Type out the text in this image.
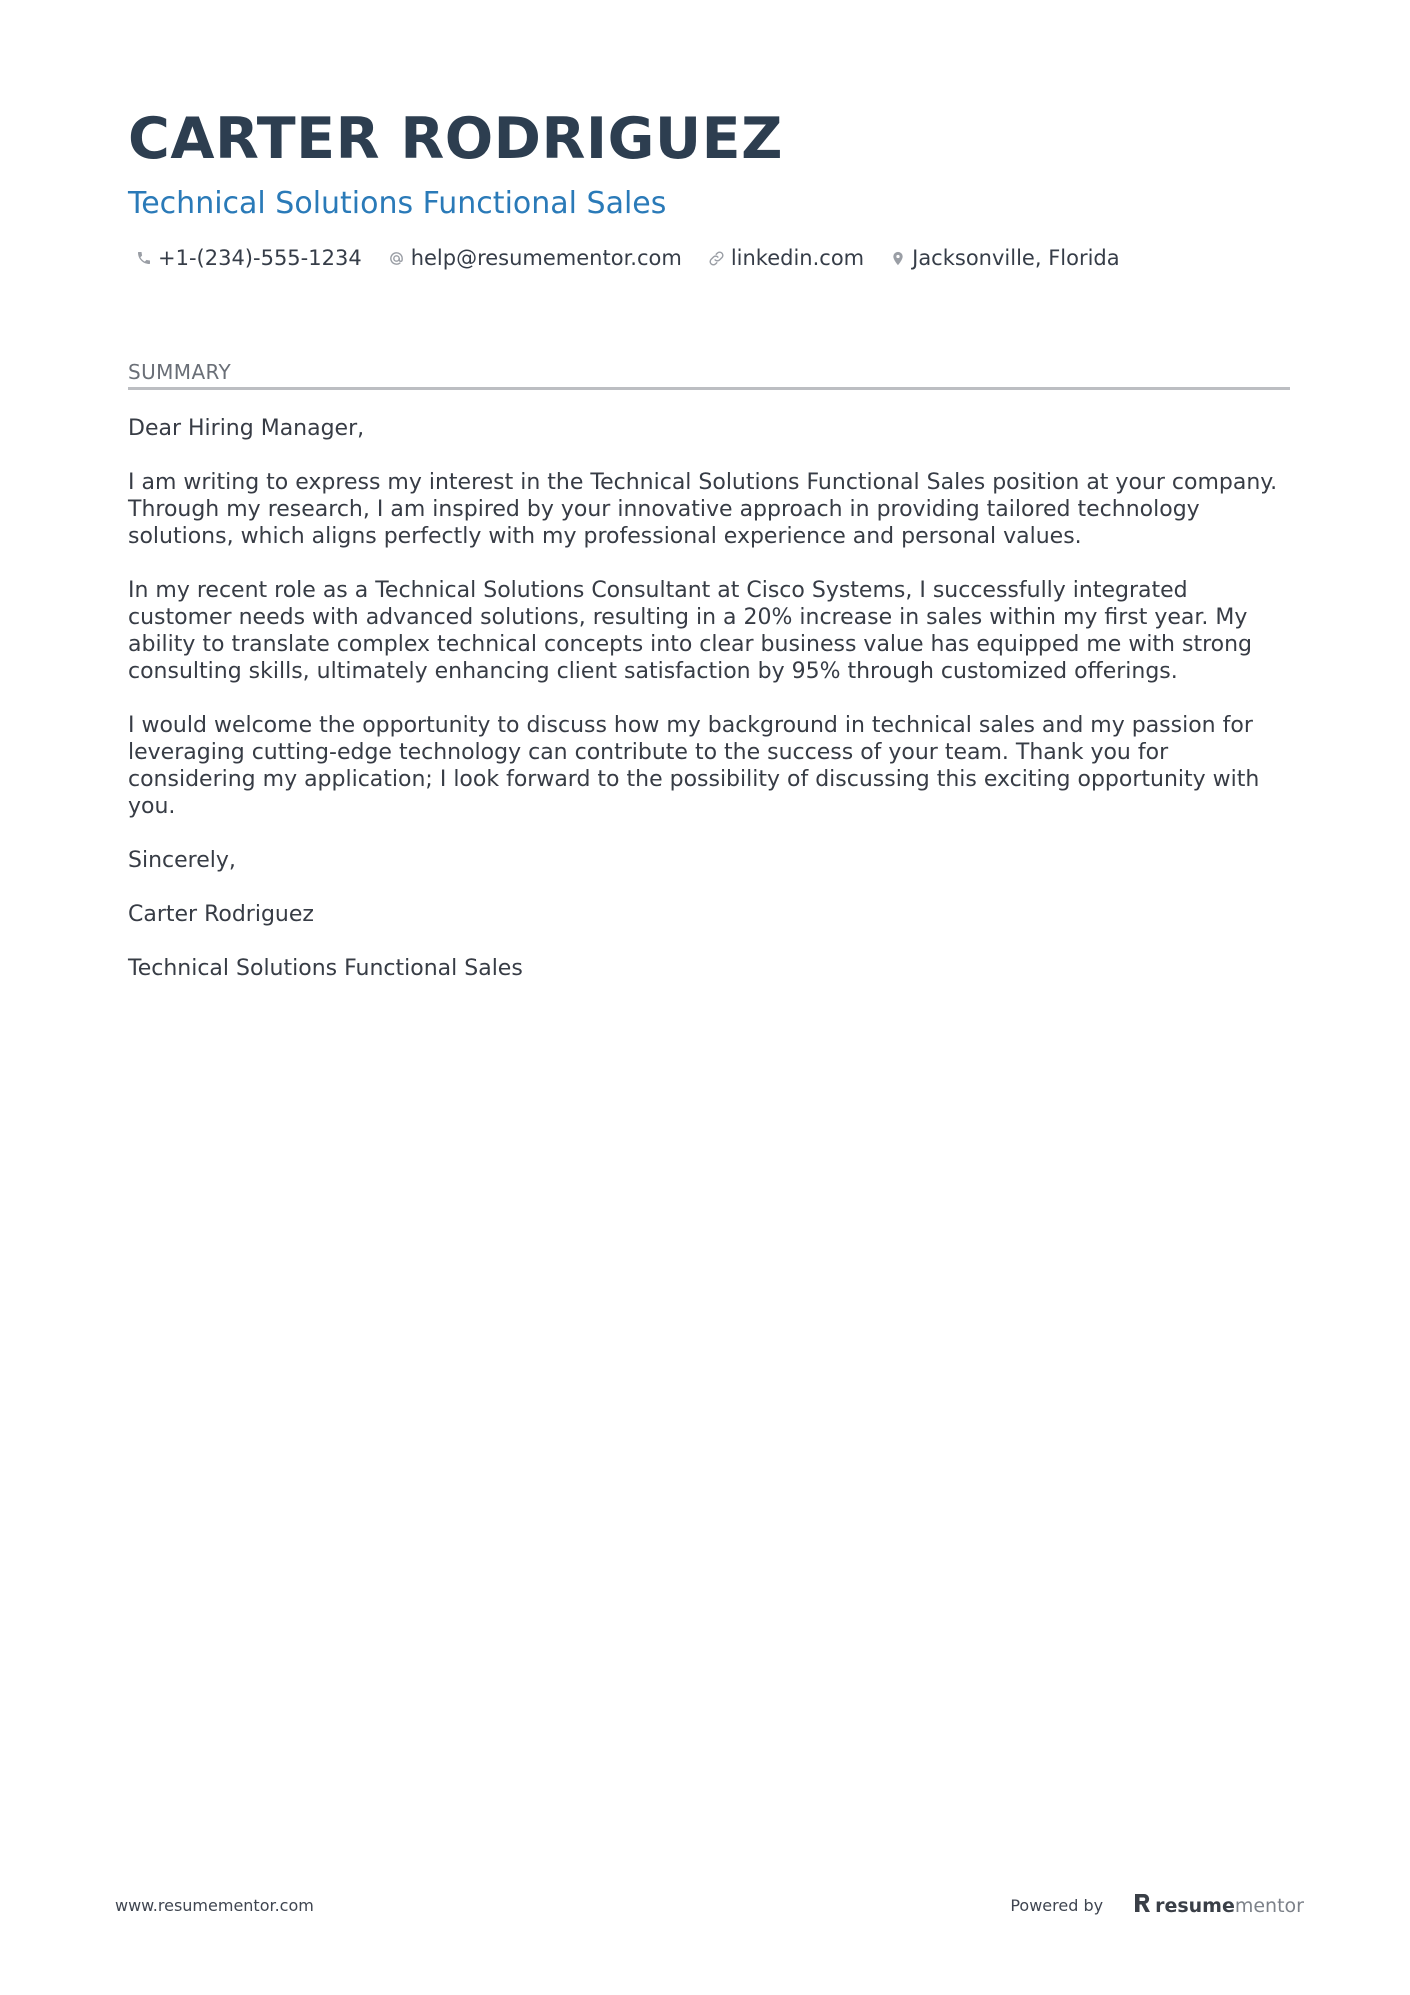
CARTER RODRIGUEZ
Technical Solutions Functional Sales
+1-(234)-555-1234 help@resumementor.com linkedin.com Jacksonville, Florida
SUMMARY

Dear Hiring Manager,

I am writing to express my interest in the Technical Solutions Functional Sales position at your company. Through my research, I am inspired by your innovative approach in providing tailored technology solutions, which aligns perfectly with my professional experience and personal values.

In my recent role as a Technical Solutions Consultant at Cisco Systems, I successfully integrated customer needs with advanced solutions, resulting in a 20% increase in sales within my first year. My ability to translate complex technical concepts into clear business value has equipped me with strong consulting skills, ultimately enhancing client satisfaction by 95% through customized offerings.

I would welcome the opportunity to discuss how my background in technical sales and my passion for leveraging cutting-edge technology can contribute to the success of your team. Thank you for considering my application; I look forward to the possibility of discussing this exciting opportunity with you.

Sincerely,

Carter Rodriguez

Technical Solutions Functional Sales

www.resumementor.com	Powered by	resume mentor
